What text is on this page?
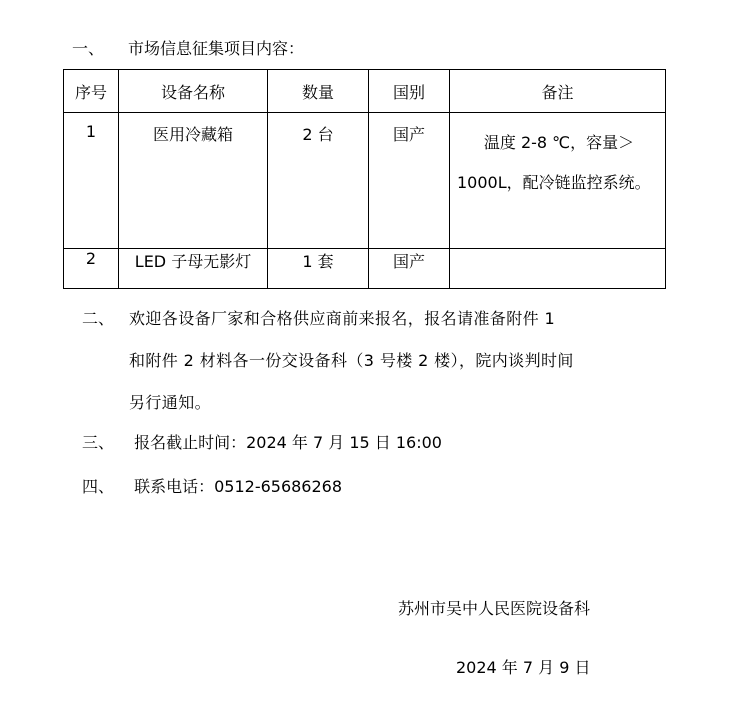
一、	市场信息征集项目内容：
序号	设备名称	数量	国别	备注
1	医用冷藏箱	2 台	国产	温度 2-8 ℃，容量＞1000L，配冷链监控系统。
2	LED 子母无影灯	1 套	国产	
二、 欢迎各设备厂家和合格供应商前来报名，报名请准备附件 1
和附件 2 材料各一份交设备科（3 号楼 2 楼），院内谈判时间
另行通知。
三、 报名截止时间：2024 年 7 月 15 日 16:00
四、 联系电话：0512-65686268
苏州市吴中人民医院设备科
2024 年 7 月 9 日
